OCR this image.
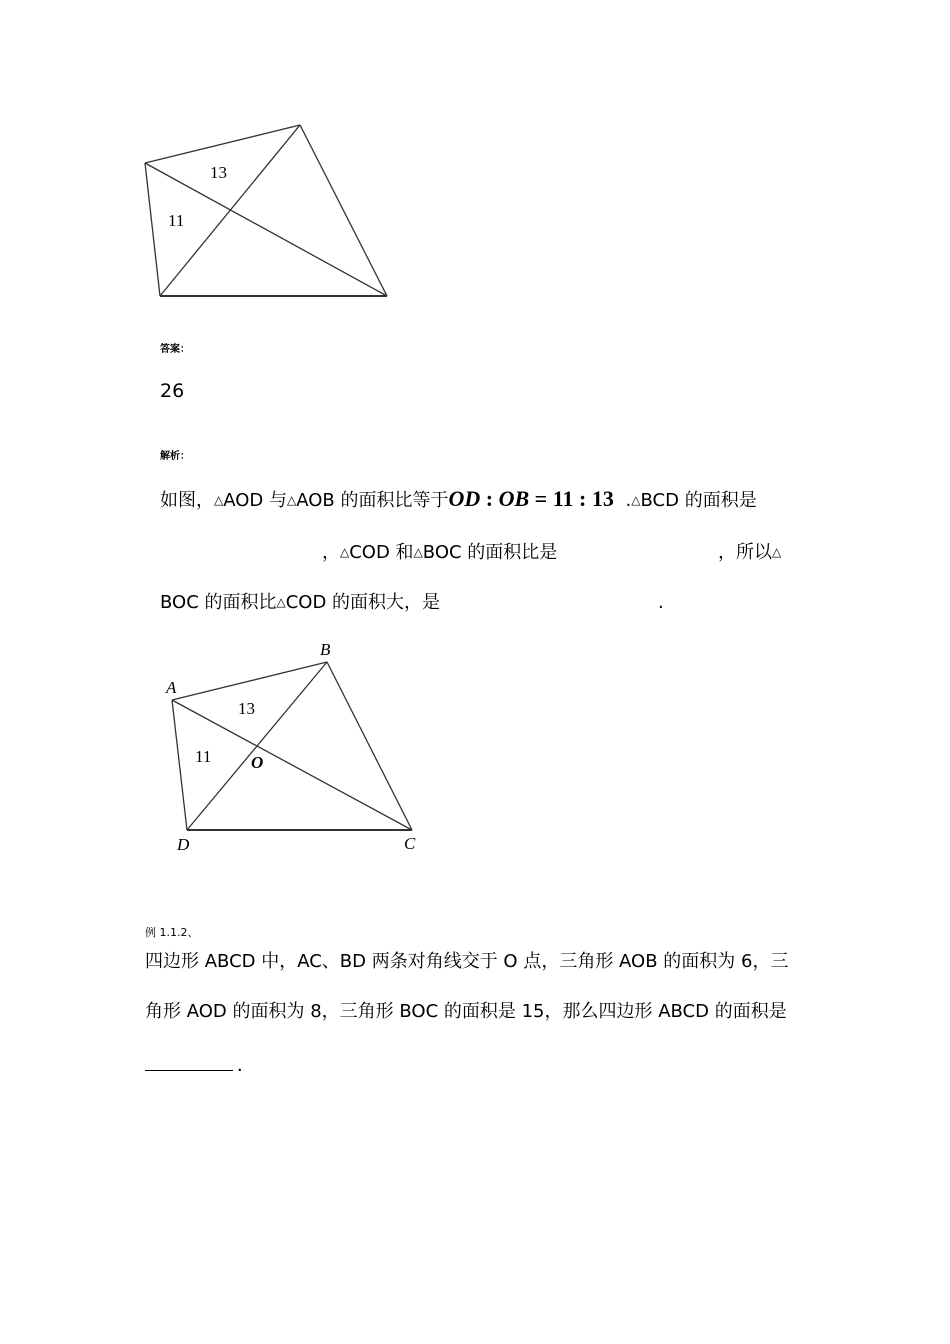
13
11
答案：
26
解析：
如图，△AOD 与△AOB 的面积比等于OD : OB = 11 : 13 .△BCD 的面积是
，△COD 和△BOC 的面积比是	，所以△
BOC 的面积比△COD 的面积大，是	.
A
B
C
D
O
13
11
例 1.1.2、
四边形 ABCD 中，AC、BD 两条对角线交于 O 点，三角形 AOB 的面积为 6，三
角形 AOD 的面积为 8，三角形 BOC 的面积是 15，那么四边形 ABCD 的面积是
．
